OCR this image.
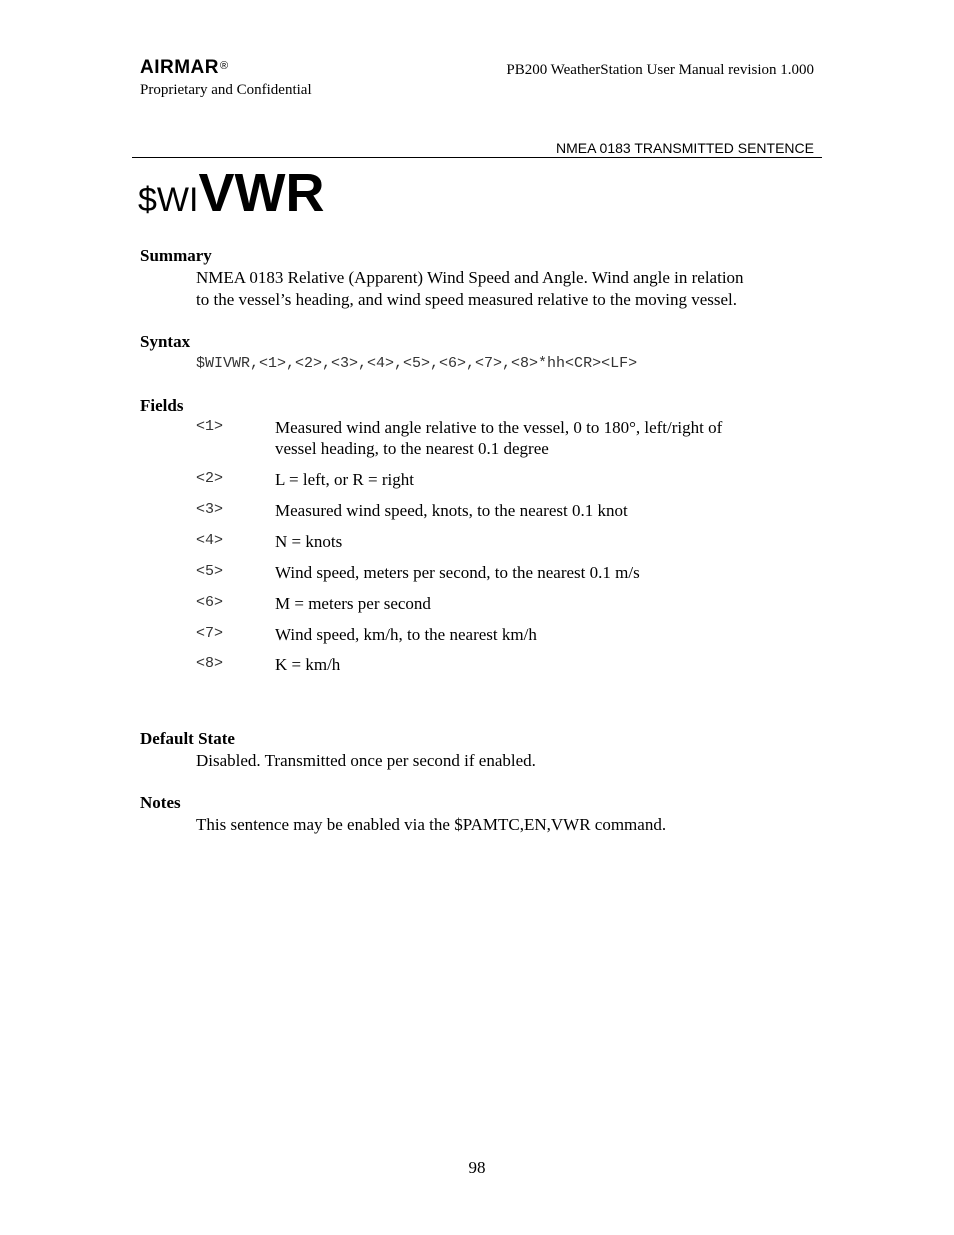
AIRMAR®
Proprietary and Confidential
PB200 WeatherStation User Manual revision 1.000
NMEA 0183 TRANSMITTED SENTENCE
$WIVWR
Summary
NMEA 0183 Relative (Apparent) Wind Speed and Angle. Wind angle in relation
to the vessel’s heading, and wind speed measured relative to the moving vessel.
Syntax
$WIVWR,<1>,<2>,<3>,<4>,<5>,<6>,<7>,<8>*hh<CR><LF>
Fields
<1>	Measured wind angle relative to the vessel, 0 to 180°, left/right of
vessel heading, to the nearest 0.1 degree
<2>	L = left, or R = right
<3>	Measured wind speed, knots, to the nearest 0.1 knot
<4>	N = knots
<5>	Wind speed, meters per second, to the nearest 0.1 m/s
<6>	M = meters per second
<7>	Wind speed, km/h, to the nearest km/h
<8>	K = km/h
Default State
Disabled. Transmitted once per second if enabled.
Notes
This sentence may be enabled via the $PAMTC,EN,VWR command.
98
